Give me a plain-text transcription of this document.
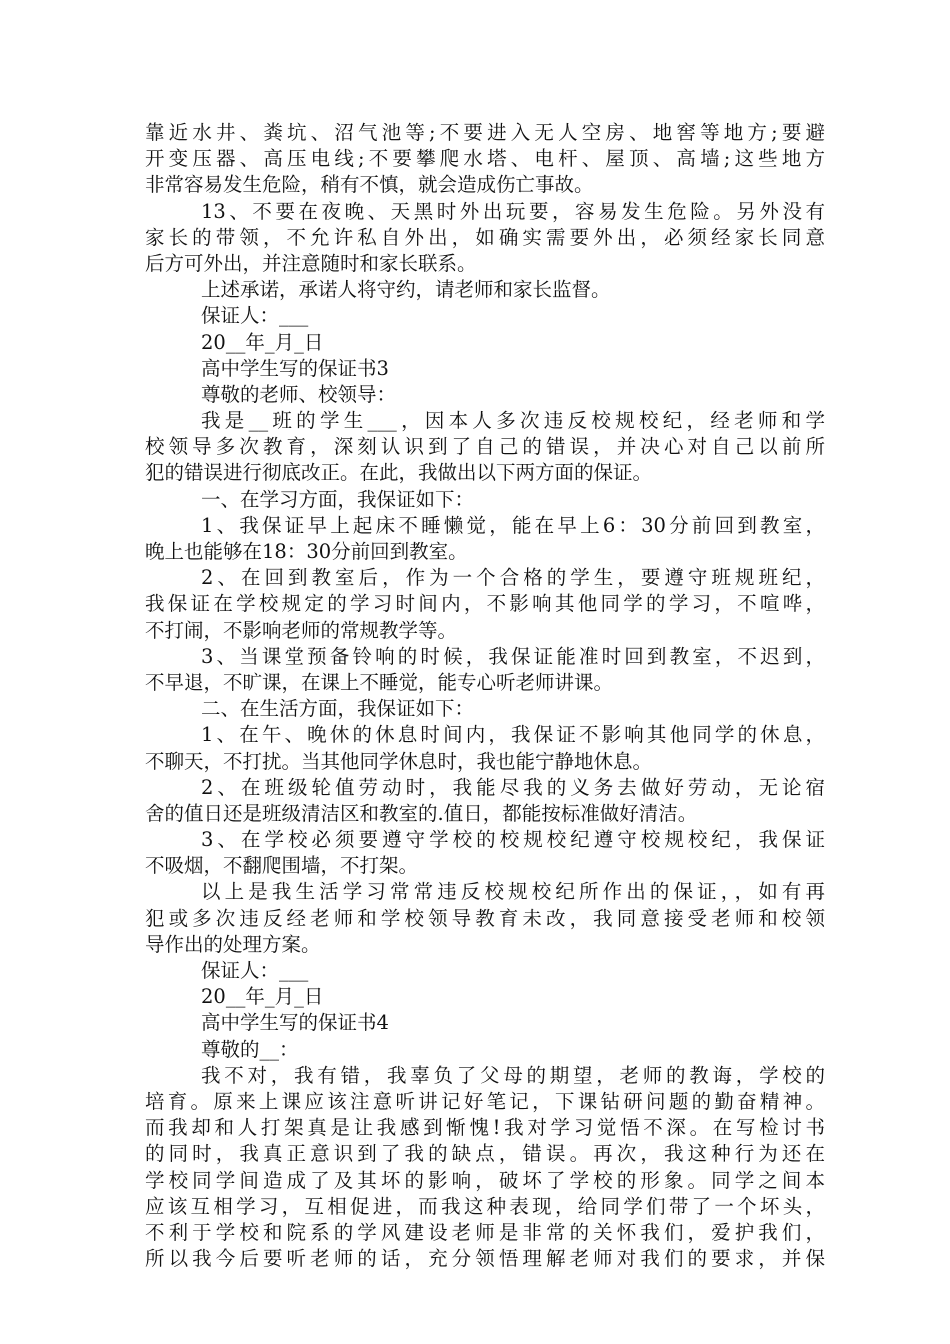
靠近水井、粪坑、沼气池等;不要进入无人空房、地窖等地方;要避
开变压器、高压电线;不要攀爬水塔、电杆、屋顶、高墙;这些地方
非常容易发生危险，稍有不慎，就会造成伤亡事故。
13、不要在夜晚、天黑时外出玩要，容易发生危险。另外没有
家长的带领，不允许私自外出，如确实需要外出，必须经家长同意
后方可外出，并注意随时和家长联系。
上述承诺，承诺人将守约，请老师和家长监督。
保证人：___
20__年_月_日
高中学生写的保证书3
尊敬的老师、校领导：
我是__班的学生___，因本人多次违反校规校纪，经老师和学
校领导多次教育，深刻认识到了自己的错误，并决心对自己以前所
犯的错误进行彻底改正。在此，我做出以下两方面的保证。
一、在学习方面，我保证如下：
1、我保证早上起床不睡懒觉，能在早上6：30分前回到教室，
晚上也能够在18：30分前回到教室。
2、在回到教室后，作为一个合格的学生，要遵守班规班纪，
我保证在学校规定的学习时间内，不影响其他同学的学习，不喧哗，
不打闹，不影响老师的常规教学等。
3、当课堂预备铃响的时候，我保证能准时回到教室，不迟到，
不早退，不旷课，在课上不睡觉，能专心听老师讲课。
二、在生活方面，我保证如下：
1、在午、晚休的休息时间内，我保证不影响其他同学的休息，
不聊天，不打扰。当其他同学休息时，我也能宁静地休息。
2、在班级轮值劳动时，我能尽我的义务去做好劳动，无论宿
舍的值日还是班级清洁区和教室的.值日，都能按标准做好清洁。
3、在学校必须要遵守学校的校规校纪遵守校规校纪，我保证
不吸烟，不翻爬围墙，不打架。
以上是我生活学习常常违反校规校纪所作出的保证，，如有再
犯或多次违反经老师和学校领导教育未改，我同意接受老师和校领
导作出的处理方案。
保证人：___
20__年_月_日
高中学生写的保证书4
尊敬的__：
我不对，我有错，我辜负了父母的期望，老师的教诲，学校的
培育。原来上课应该注意听讲记好笔记，下课钻研问题的勤奋精神。
而我却和人打架真是让我感到惭愧!我对学习觉悟不深。在写检讨书
的同时，我真正意识到了我的缺点，错误。再次，我这种行为还在
学校同学间造成了及其坏的影响，破坏了学校的形象。同学之间本
应该互相学习，互相促进，而我这种表现，给同学们带了一个坏头，
不利于学校和院系的学风建设老师是非常的关怀我们，爱护我们，
所以我今后要听老师的话，充分领悟理解老师对我们的要求，并保
